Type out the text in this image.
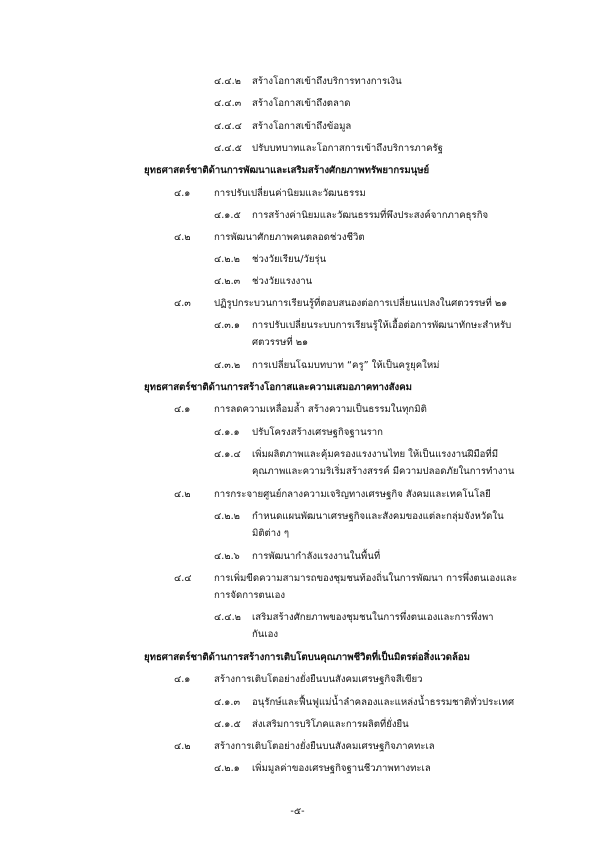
๔.๔.๒ สร้างโอกาสเข้าถึงบริการทางการเงิน
๔.๔.๓ สร้างโอกาสเข้าถึงตลาด
๔.๔.๔ สร้างโอกาสเข้าถึงข้อมูล
๔.๔.๕ ปรับบทบาทและโอกาสการเข้าถึงบริการภาครัฐ
ยุทธศาสตร์ชาติด้านการพัฒนาและเสริมสร้างศักยภาพทรัพยากรมนุษย์
๔.๑ การปรับเปลี่ยนค่านิยมและวัฒนธรรม
๔.๑.๕ การสร้างค่านิยมและวัฒนธรรมที่พึงประสงค์จากภาคธุรกิจ
๔.๒ การพัฒนาศักยภาพคนตลอดช่วงชีวิต
๔.๒.๒ ช่วงวัยเรียน/วัยรุ่น
๔.๒.๓ ช่วงวัยแรงงาน
๔.๓ ปฏิรูปกระบวนการเรียนรู้ที่ตอบสนองต่อการเปลี่ยนแปลงในศตวรรษที่ ๒๑
๔.๓.๑ การปรับเปลี่ยนระบบการเรียนรู้ให้เอื้อต่อการพัฒนาทักษะสำหรับ
ศตวรรษที่ ๒๑
๔.๓.๒ การเปลี่ยนโฉมบทบาท “ครู” ให้เป็นครูยุคใหม่
ยุทธศาสตร์ชาติด้านการสร้างโอกาสและความเสมอภาคทางสังคม
๔.๑ การลดความเหลื่อมล้ำ สร้างความเป็นธรรมในทุกมิติ
๔.๑.๑ ปรับโครงสร้างเศรษฐกิจฐานราก
๔.๑.๔ เพิ่มผลิตภาพและคุ้มครองแรงงานไทย ให้เป็นแรงงานฝีมือที่มี
คุณภาพและความริเริ่มสร้างสรรค์ มีความปลอดภัยในการทำงาน
๔.๒ การกระจายศูนย์กลางความเจริญทางเศรษฐกิจ สังคมและเทคโนโลยี
๔.๒.๒ กำหนดแผนพัฒนาเศรษฐกิจและสังคมของแต่ละกลุ่มจังหวัดใน
มิติต่าง ๆ
๔.๒.๖ การพัฒนากำลังแรงงานในพื้นที่
๔.๔ การเพิ่มขีดความสามารถของชุมชนท้องถิ่นในการพัฒนา การพึ่งตนเองและ
การจัดการตนเอง
๔.๔.๒ เสริมสร้างศักยภาพของชุมชนในการพึ่งตนเองและการพึ่งพา
กันเอง
ยุทธศาสตร์ชาติด้านการสร้างการเติบโตบนคุณภาพชีวิตที่เป็นมิตรต่อสิ่งแวดล้อม
๔.๑ สร้างการเติบโตอย่างยั่งยืนบนสังคมเศรษฐกิจสีเขียว
๔.๑.๓ อนุรักษ์และฟื้นฟูแม่น้ำลำคลองและแหล่งน้ำธรรมชาติทั่วประเทศ
๔.๑.๕ ส่งเสริมการบริโภคและการผลิตที่ยั่งยืน
๔.๒ สร้างการเติบโตอย่างยั่งยืนบนสังคมเศรษฐกิจภาคทะเล
๔.๒.๑ เพิ่มมูลค่าของเศรษฐกิจฐานชีวภาพทางทะเล
-๕-
